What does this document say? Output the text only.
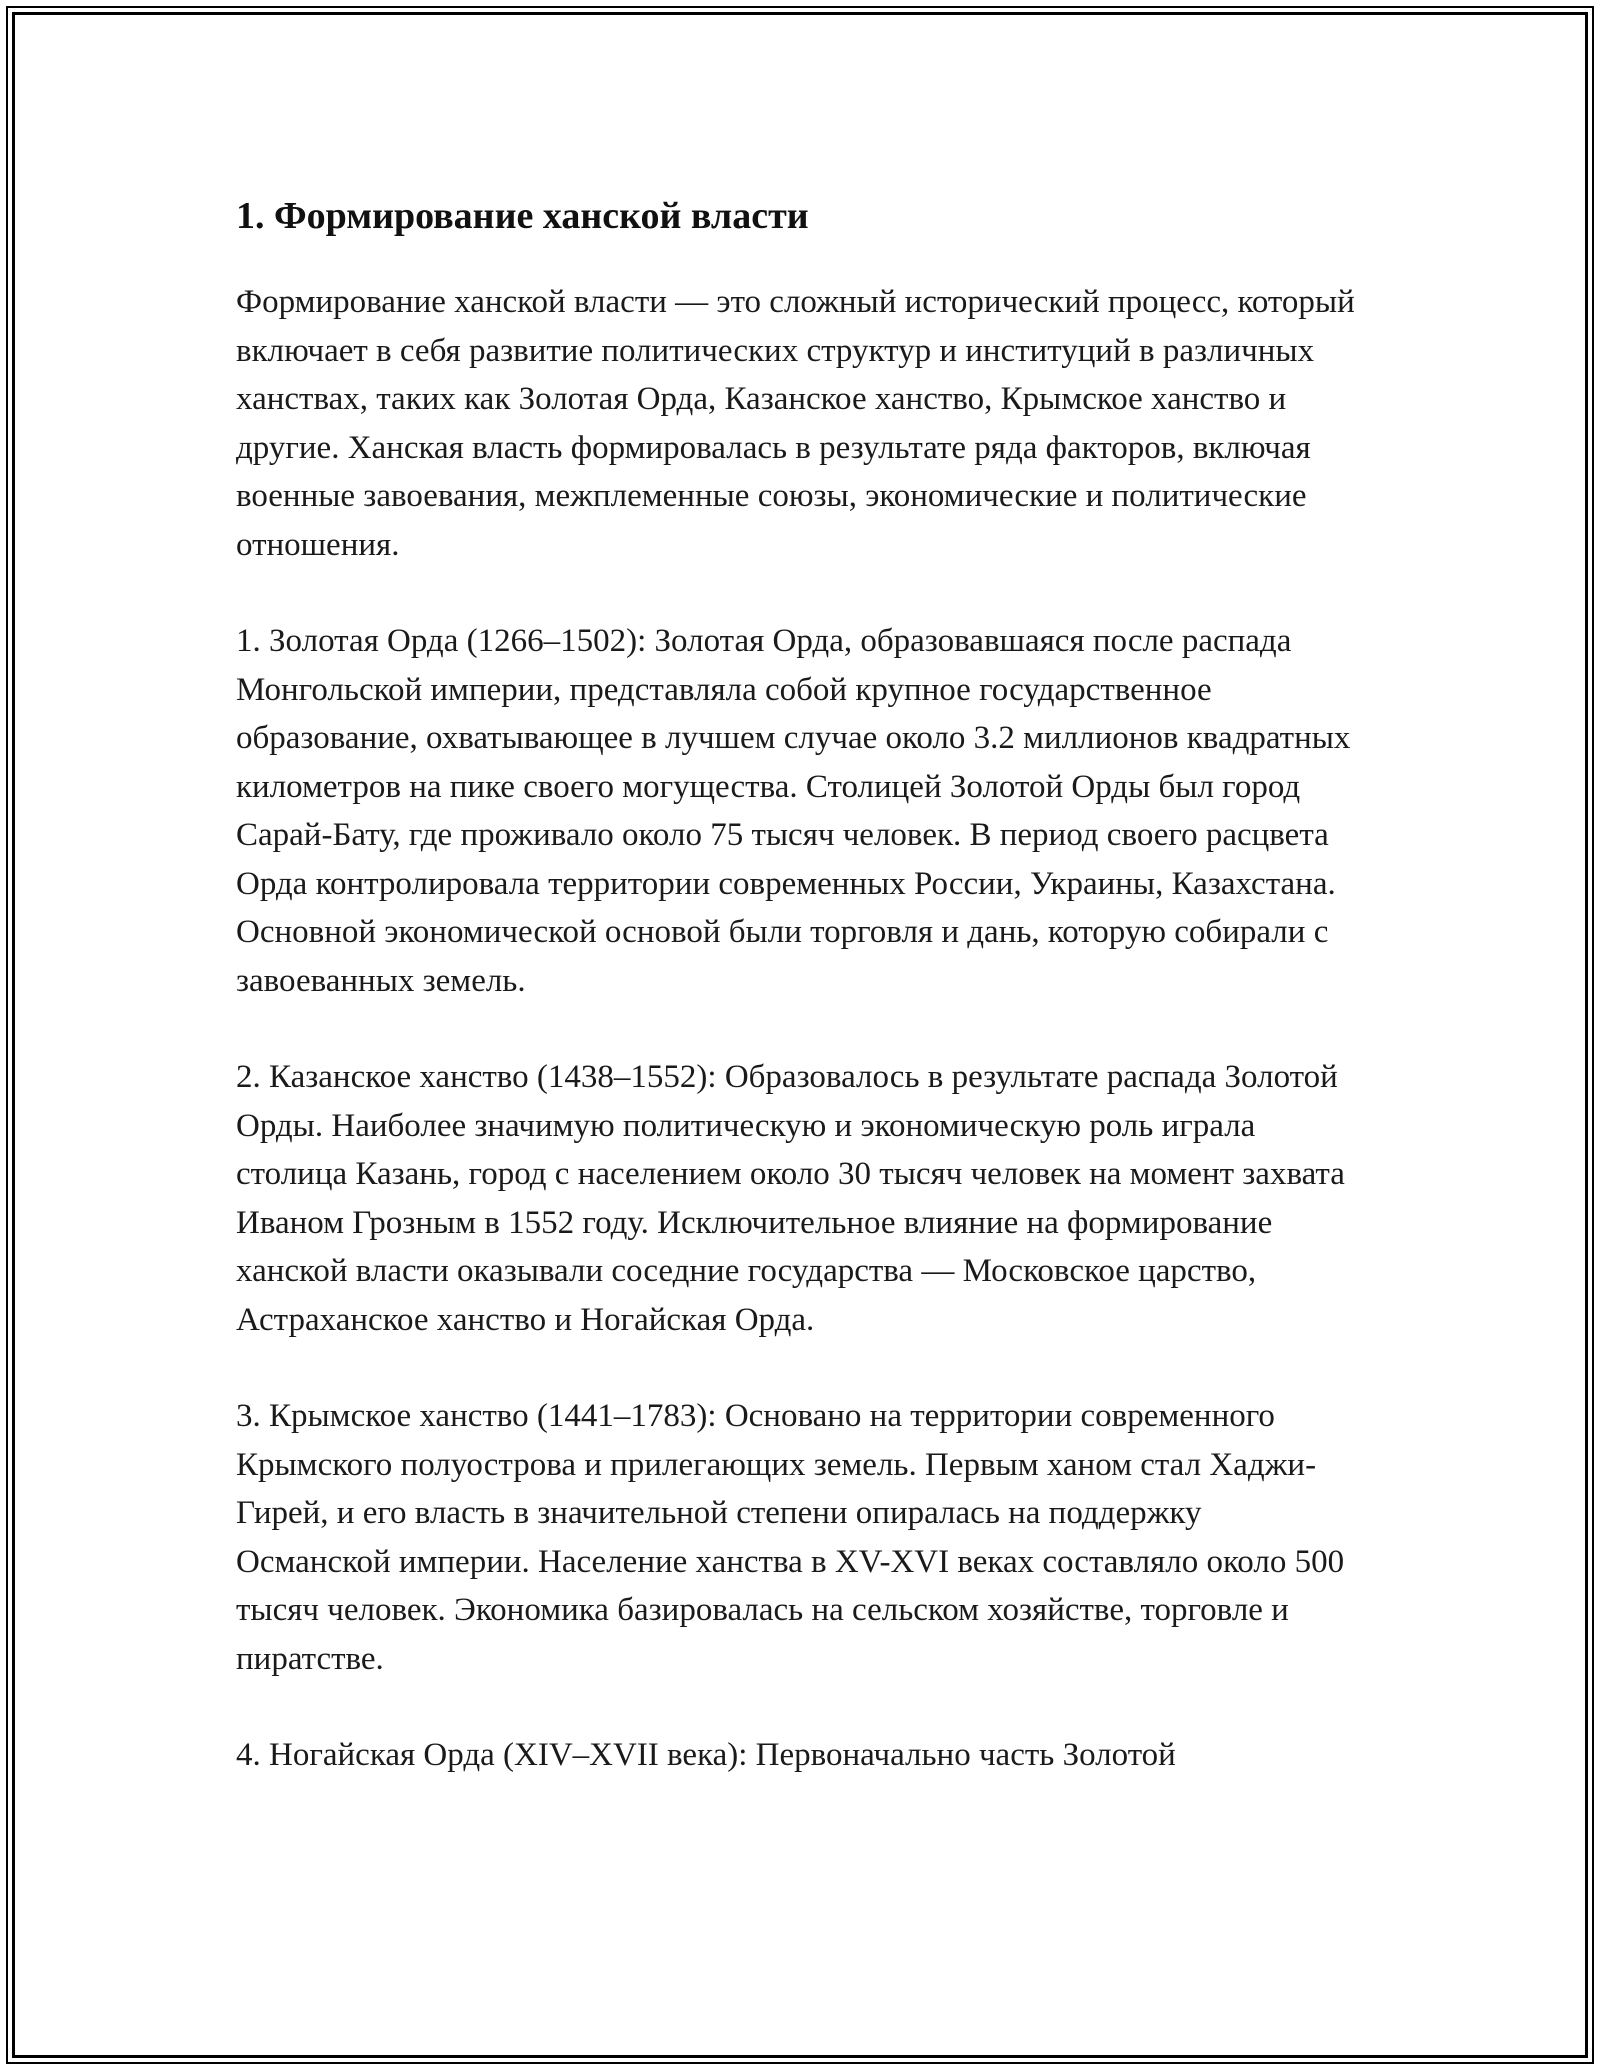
1. Формирование ханской власти

Формирование ханской власти — это сложный исторический процесс, который включает в себя развитие политических структур и институций в различных ханствах, таких как Золотая Орда, Казанское ханство, Крымское ханство и другие. Ханская власть формировалась в результате ряда факторов, включая военные завоевания, межплеменные союзы, экономические и политические отношения.

1. Золотая Орда (1266–1502): Золотая Орда, образовавшаяся после распада Монгольской империи, представляла собой крупное государственное образование, охватывающее в лучшем случае около 3.2 миллионов квадратных километров на пике своего могущества. Столицей Золотой Орды был город Сарай-Бату, где проживало около 75 тысяч человек. В период своего расцвета Орда контролировала территории современных России, Украины, Казахстана. Основной экономической основой были торговля и дань, которую собирали с завоеванных земель.

2. Казанское ханство (1438–1552): Образовалось в результате распада Золотой Орды. Наиболее значимую политическую и экономическую роль играла столица Казань, город с населением около 30 тысяч человек на момент захвата Иваном Грозным в 1552 году. Исключительное влияние на формирование ханской власти оказывали соседние государства — Московское царство, Астраханское ханство и Ногайская Орда.

3. Крымское ханство (1441–1783): Основано на территории современного Крымского полуострова и прилегающих земель. Первым ханом стал Хаджи-Гирей, и его власть в значительной степени опиралась на поддержку Османской империи. Население ханства в XV-XVI веках составляло около 500 тысяч человек. Экономика базировалась на сельском хозяйстве, торговле и пиратстве.

4. Ногайская Орда (XIV–XVII века): Первоначально часть Золотой
